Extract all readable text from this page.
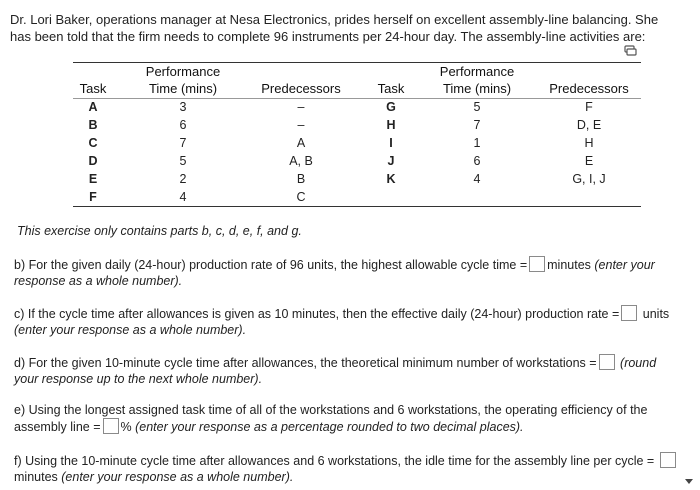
Dr. Lori Baker, operations manager at Nesa Electronics, prides herself on excellent assembly-line balancing. She has been told that the firm needs to complete 96 instruments per 24-hour day. The assembly-line activities are:
Task
Performance
Time (mins)	Predecessors	Task
Performance
Time (mins)	Predecessors
A	3	–
B	6	–
C	7	A
D	5	A, B
E	2	B
F	4	C
G	5	F
H	7	D, E
I	1	H
J	6	E
K	4	G, I, J
This exercise only contains parts b, c, d, e, f, and g.
b) For the given daily (24-hour) production rate of 96 units, the highest allowable cycle time = minutes (enter your response as a whole number).
c) If the cycle time after allowances is given as 10 minutes, then the effective daily (24-hour) production rate = units (enter your response as a whole number).
d) For the given 10-minute cycle time after allowances, the theoretical minimum number of workstations = (round your response up to the next whole number).
e) Using the longest assigned task time of all of the workstations and 6 workstations, the operating efficiency of the assembly line = % (enter your response as a percentage rounded to two decimal places).
f) Using the 10-minute cycle time after allowances and 6 workstations, the idle time for the assembly line per cycle =  minutes (enter your response as a whole number).
